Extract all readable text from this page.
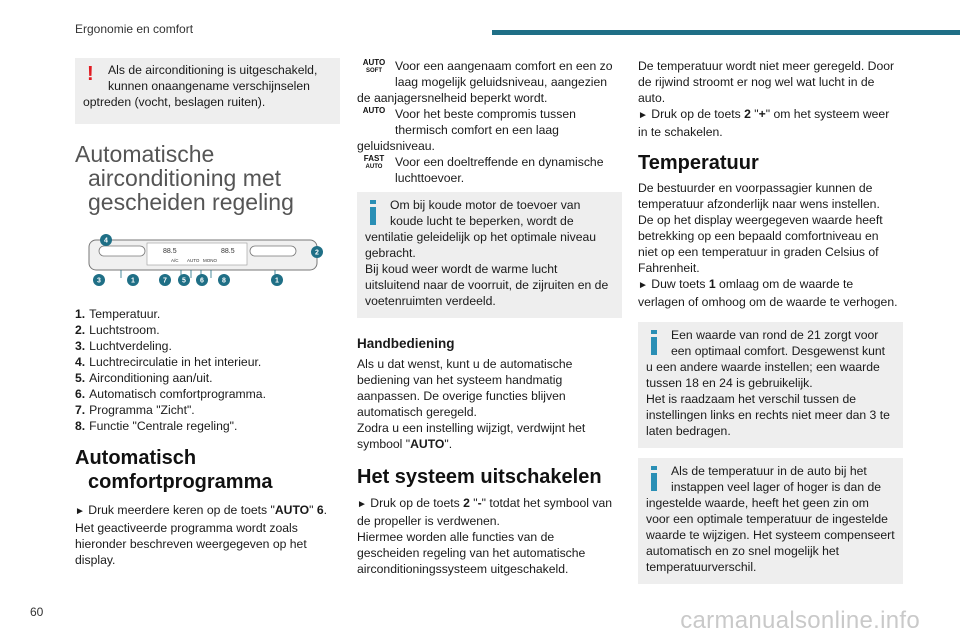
Ergonomie en comfort
!	Als de airconditioning is uitgeschakeld,
kunnen onaangename verschijnselen
optreden (vocht, beslagen ruiten).
Automatische
airconditioning met
gescheiden regeling
88.5	88.5
AUTO
A/C	MONO
4
2
3	1	7 5 6	8	1
1. Temperatuur.
2. Luchtstroom.
3. Luchtverdeling.
4. Luchtrecirculatie in het interieur.
5. Airconditioning aan/uit.
6. Automatisch comfortprogramma.
7. Programma "Zicht".
8. Functie "Centrale regeling".
Automatisch
comfortprogramma
► Druk meerdere keren op de toets "AUTO" 6.
Het geactiveerde programma wordt zoals
hieronder beschreven weergegeven op het
display.
AUTO
SOFT	Voor een aangenaam comfort en een zo
laag mogelijk geluidsniveau, aangezien
de aanjagersnelheid beperkt wordt.
AUTO Voor het beste compromis tussen
thermisch comfort en een laag
geluidsniveau.
FAST
AUTO	Voor een doeltreffende en dynamische
luchttoevoer.
Om bij koude motor de toevoer van
koude lucht te beperken, wordt de
ventilatie geleidelijk op het optimale niveau
gebracht.
Bij koud weer wordt de warme lucht
uitsluitend naar de voorruit, de zijruiten en de
voetenruimten verdeeld.
Handbediening
Als u dat wenst, kunt u de automatische
bediening van het systeem handmatig
aanpassen. De overige functies blijven
automatisch geregeld.
Zodra u een instelling wijzigt, verdwijnt het
symbool "AUTO".
Het systeem uitschakelen
► Druk op de toets 2 "-" totdat het symbool van
de propeller is verdwenen.
Hiermee worden alle functies van de
gescheiden regeling van het automatische
airconditioningssysteem uitgeschakeld.
De temperatuur wordt niet meer geregeld. Door
de rijwind stroomt er nog wel wat lucht in de
auto.
► Druk op de toets 2 "+" om het systeem weer
in te schakelen.
Temperatuur
De bestuurder en voorpassagier kunnen de
temperatuur afzonderlijk naar wens instellen.
De op het display weergegeven waarde heeft
betrekking op een bepaald comfortniveau en
niet op een temperatuur in graden Celsius of
Fahrenheit.
► Duw toets 1 omlaag om de waarde te
verlagen of omhoog om de waarde te verhogen.
Een waarde van rond de 21 zorgt voor
een optimaal comfort. Desgewenst kunt
u een andere waarde instellen; een waarde
tussen 18 en 24 is gebruikelijk.
Het is raadzaam het verschil tussen de
instellingen links en rechts niet meer dan 3 te
laten bedragen.
Als de temperatuur in de auto bij het
instappen veel lager of hoger is dan de
ingestelde waarde, heeft het geen zin om
voor een optimale temperatuur de ingestelde
waarde te wijzigen. Het systeem compenseert
automatisch en zo snel mogelijk het
temperatuurverschil.
60	carmanualsonline.info
